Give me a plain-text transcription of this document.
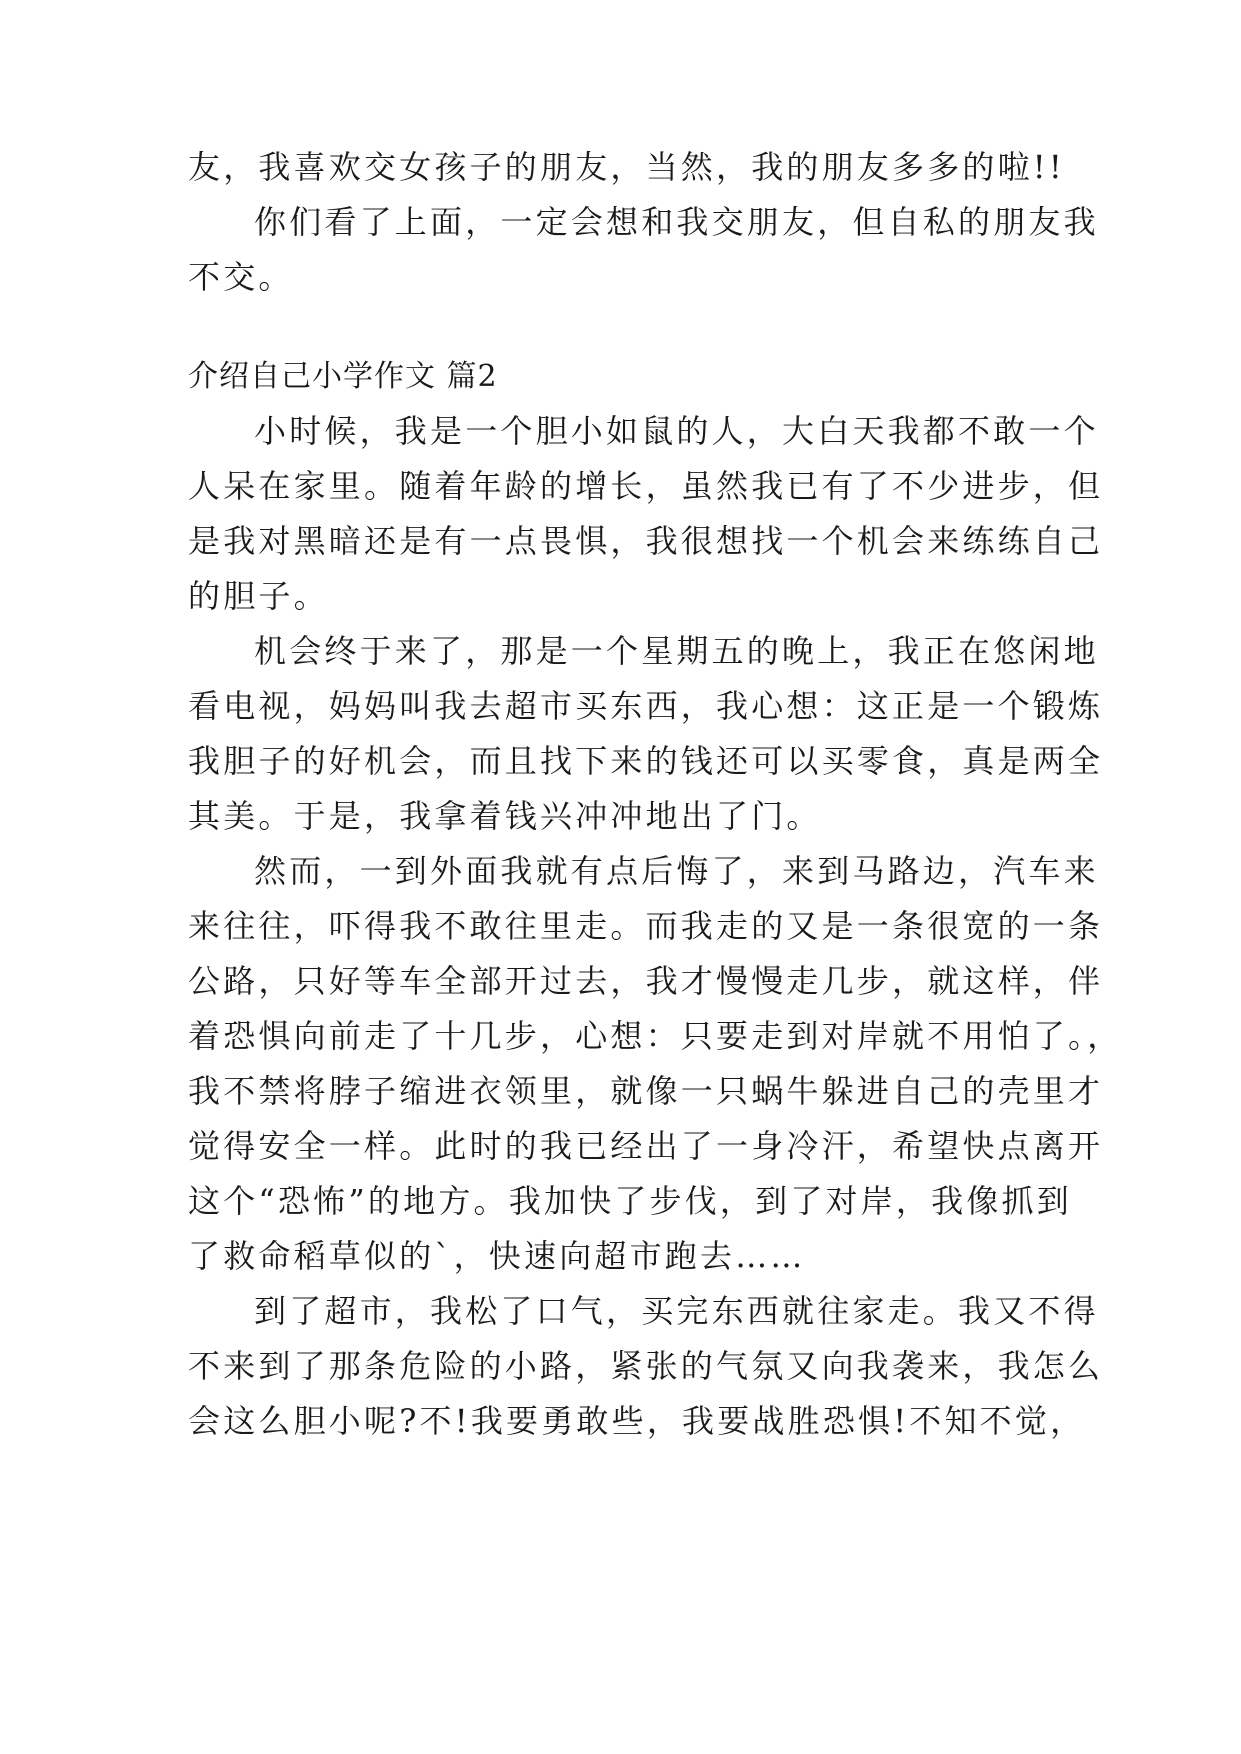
友，我喜欢交女孩子的朋友，当然，我的朋友多多的啦!!
你们看了上面，一定会想和我交朋友，但自私的朋友我
不交。
介绍自己小学作文 篇2
小时候，我是一个胆小如鼠的人，大白天我都不敢一个
人呆在家里。随着年龄的增长，虽然我已有了不少进步，但
是我对黑暗还是有一点畏惧，我很想找一个机会来练练自己
的胆子。
机会终于来了，那是一个星期五的晚上，我正在悠闲地
看电视，妈妈叫我去超市买东西，我心想：这正是一个锻炼
我胆子的好机会，而且找下来的钱还可以买零食，真是两全
其美。于是，我拿着钱兴冲冲地出了门。
然而，一到外面我就有点后悔了，来到马路边，汽车来
来往往，吓得我不敢往里走。而我走的又是一条很宽的一条
公路，只好等车全部开过去，我才慢慢走几步，就这样，伴
着恐惧向前走了十几步，心想：只要走到对岸就不用怕了。，
我不禁将脖子缩进衣领里，就像一只蜗牛躲进自己的壳里才
觉得安全一样。此时的我已经出了一身冷汗，希望快点离开
这个“恐怖”的地方。我加快了步伐，到了对岸，我像抓到
了救命稻草似的`，快速向超市跑去……
到了超市，我松了口气，买完东西就往家走。我又不得
不来到了那条危险的小路，紧张的气氛又向我袭来，我怎么
会这么胆小呢?不!我要勇敢些，我要战胜恐惧!不知不觉，
